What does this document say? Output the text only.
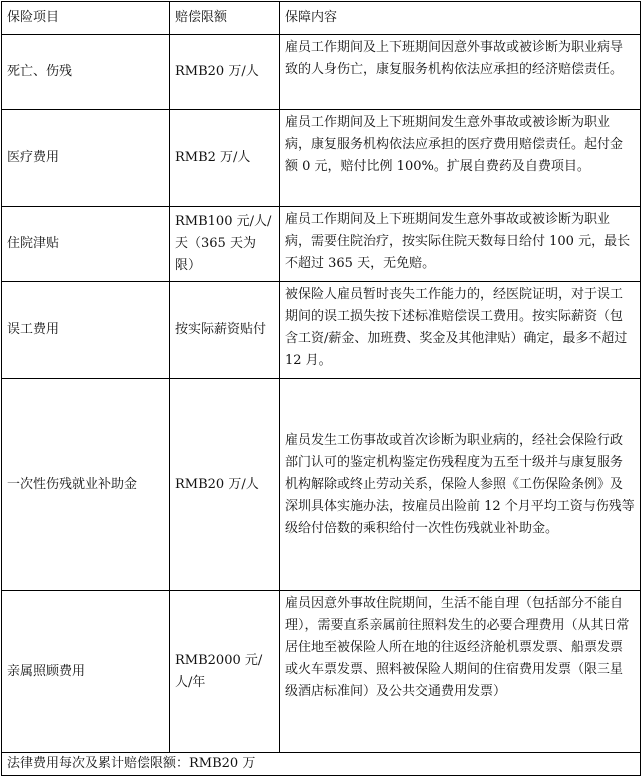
保险项目	赔偿限额	保障内容
死亡、伤残	RMB20 万/人	雇员工作期间及上下班期间因意外事故或被诊断为职业病导致的人身伤亡，康复服务机构依法应承担的经济赔偿责任。
医疗费用	RMB2 万/人	雇员工作期间及上下班期间发生意外事故或被诊断为职业病，康复服务机构依法应承担的医疗费用赔偿责任。起付金额 0 元，赔付比例 100%。扩展自费药及自费项目。
住院津贴	RMB100 元/人/天（365 天为限）	雇员工作期间及上下班期间发生意外事故或被诊断为职业病，需要住院治疗，按实际住院天数每日给付 100 元，最长不超过 365 天，无免赔。
误工费用	按实际薪资贴付	被保险人雇员暂时丧失工作能力的，经医院证明，对于误工期间的误工损失按下述标准赔偿误工费用。按实际薪资（包含工资/薪金、加班费、奖金及其他津贴）确定，最多不超过 12 月。
一次性伤残就业补助金	RMB20 万/人	雇员发生工伤事故或首次诊断为职业病的，经社会保险行政部门认可的鉴定机构鉴定伤残程度为五至十级并与康复服务机构解除或终止劳动关系，保险人参照《工伤保险条例》及深圳具体实施办法，按雇员出险前 12 个月平均工资与伤残等级给付倍数的乘积给付一次性伤残就业补助金。
亲属照顾费用	RMB2000 元/人/年	雇员因意外事故住院期间，生活不能自理（包括部分不能自理），需要直系亲属前往照料发生的必要合理费用（从其日常居住地至被保险人所在地的往返经济舱机票发票、船票发票或火车票发票、照料被保险人期间的住宿费用发票（限三星级酒店标准间）及公共交通费用发票）
法律费用每次及累计赔偿限额：RMB20 万		
